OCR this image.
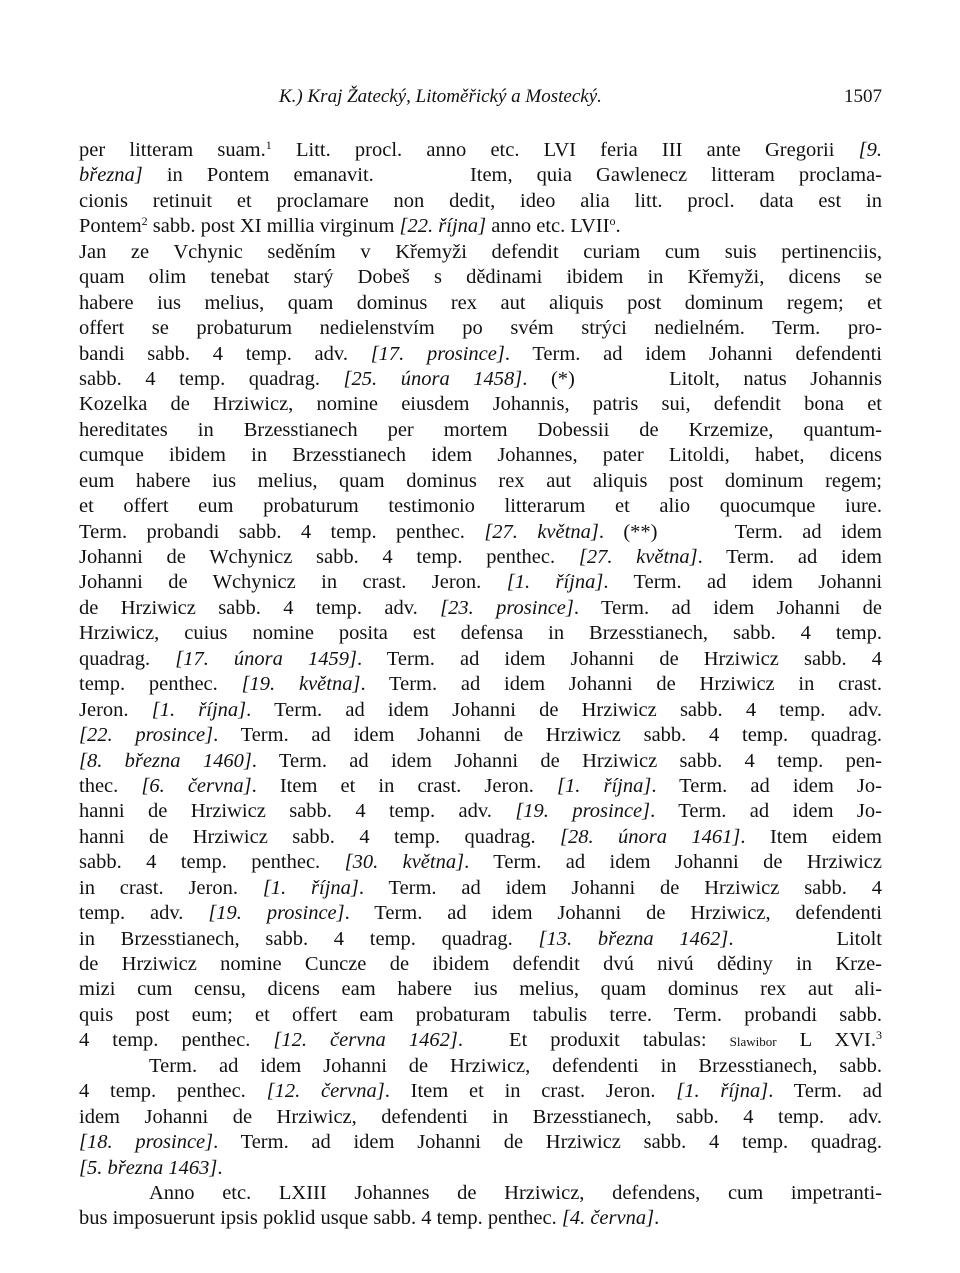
K.) Kraj Žatecký, Litoměřický a Mostecký.	1507
per litteram suam.$^1$ Litt. procl. anno etc. LVI feria III ante Gregorii [9.
března] in Pontem emanavit.    Item, quia Gawlenecz litteram proclama-
cionis retinuit et proclamare non dedit, ideo alia litt. procl. data est in
Pontem$^2$ sabb. post XI millia virginum [22. října] anno etc. LVII$^o$.
Jan ze Vchynic seděním v Křemyži defendit curiam cum suis pertinenciis,
quam olim tenebat starý Dobeš s dědinami ibidem in Křemyži, dicens se
habere ius melius, quam dominus rex aut aliquis post dominum regem; et
offert se probaturum nedielenstvím po svém strýci nedielném. Term. pro-
bandi sabb. 4 temp. adv. [17. prosince]. Term. ad idem Johanni defendenti
sabb. 4 temp. quadrag. [25. února 1458]. (*)    Litolt, natus Johannis
Kozelka de Hrziwicz, nomine eiusdem Johannis, patris sui, defendit bona et
hereditates in Brzesstianech per mortem Dobessii de Krzemize, quantum-
cumque ibidem in Brzesstianech idem Johannes, pater Litoldi, habet, dicens
eum habere ius melius, quam dominus rex aut aliquis post dominum regem;
et offert eum probaturum testimonio litterarum et alio quocumque iure.
Term. probandi sabb. 4 temp. penthec. [27. května]. (**)    Term. ad idem
Johanni de Wchynicz sabb. 4 temp. penthec. [27. května]. Term. ad idem
Johanni de Wchynicz in crast. Jeron. [1. října]. Term. ad idem Johanni
de Hrziwicz sabb. 4 temp. adv. [23. prosince]. Term. ad idem Johanni de
Hrziwicz, cuius nomine posita est defensa in Brzesstianech, sabb. 4 temp.
quadrag. [17. února 1459]. Term. ad idem Johanni de Hrziwicz sabb. 4
temp. penthec. [19. května]. Term. ad idem Johanni de Hrziwicz in crast.
Jeron. [1. října]. Term. ad idem Johanni de Hrziwicz sabb. 4 temp. adv.
[22. prosince]. Term. ad idem Johanni de Hrziwicz sabb. 4 temp. quadrag.
[8. března 1460]. Term. ad idem Johanni de Hrziwicz sabb. 4 temp. pen-
thec. [6. června]. Item et in crast. Jeron. [1. října]. Term. ad idem Jo-
hanni de Hrziwicz sabb. 4 temp. adv. [19. prosince]. Term. ad idem Jo-
hanni de Hrziwicz sabb. 4 temp. quadrag. [28. února 1461]. Item eidem
sabb. 4 temp. penthec. [30. května]. Term. ad idem Johanni de Hrziwicz
in crast. Jeron. [1. října]. Term. ad idem Johanni de Hrziwicz sabb. 4
temp. adv. [19. prosince]. Term. ad idem Johanni de Hrziwicz, defendenti
in Brzesstianech, sabb. 4 temp. quadrag. [13. března 1462].    Litolt
de Hrziwicz nomine Cuncze de ibidem defendit dvú nivú dědiny in Krze-
mizi cum censu, dicens eam habere ius melius, quam dominus rex aut ali-
quis post eum; et offert eam probaturam tabulis terre. Term. probandi sabb.
4 temp. penthec. [12. června 1462].  Et produxit tabulas: Slawibor L XVI.$^3$
Term. ad idem Johanni de Hrziwicz, defendenti in Brzesstianech, sabb.
4 temp. penthec. [12. června]. Item et in crast. Jeron. [1. října]. Term. ad
idem Johanni de Hrziwicz, defendenti in Brzesstianech, sabb. 4 temp. adv.
[18. prosince]. Term. ad idem Johanni de Hrziwicz sabb. 4 temp. quadrag.
[5. března 1463].
Anno etc. LXIII Johannes de Hrziwicz, defendens, cum impetranti-
bus imposuerunt ipsis poklid usque sabb. 4 temp. penthec. [4. června].
